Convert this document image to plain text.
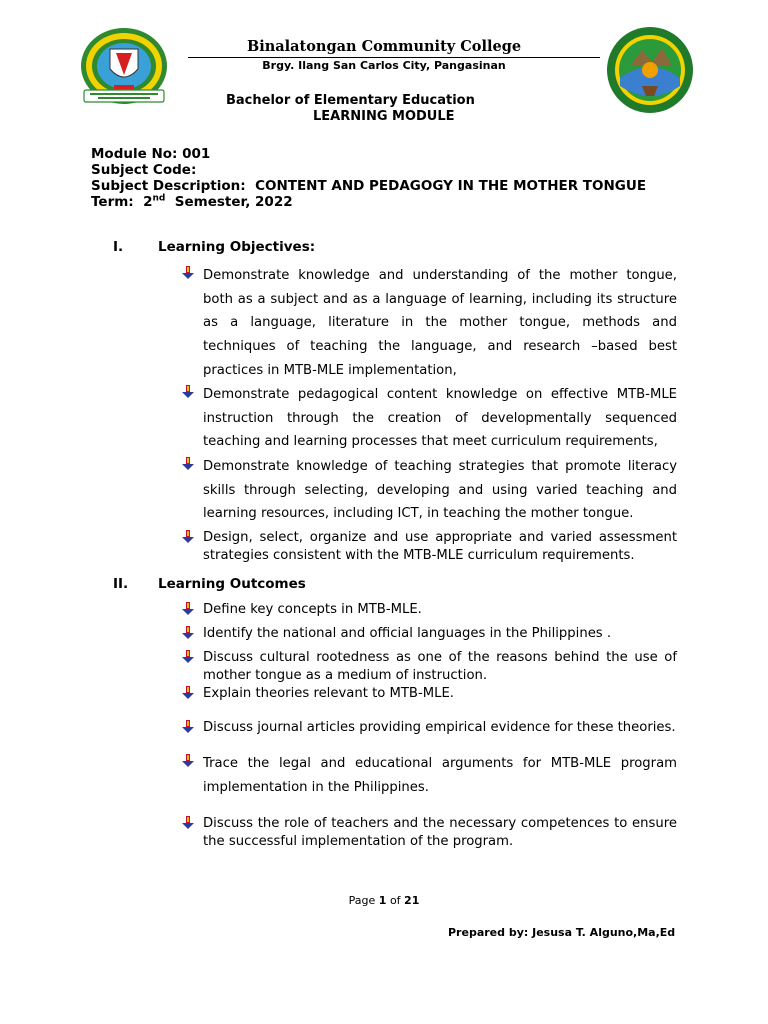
Binalatongan Community College
Brgy. Ilang San Carlos City, Pangasinan
Bachelor of Elementary Education
LEARNING MODULE
Module No: 001
Subject Code:
Subject Description: CONTENT AND PEDAGOGY IN THE MOTHER TONGUE
Term: 2nd Semester, 2022
I.	Learning Objectives:
Demonstrate knowledge and understanding of the mother tongue, both as a subject and as a language of learning, including its structure as a language, literature in the mother tongue, methods and techniques of teaching the language, and research –based best practices in MTB-MLE implementation,
Demonstrate pedagogical content knowledge on effective MTB-MLE instruction through the creation of developmentally sequenced teaching and learning processes that meet curriculum requirements,
Demonstrate knowledge of teaching strategies that promote literacy skills through selecting, developing and using varied teaching and learning resources, including ICT, in teaching the mother tongue.
Design, select, organize and use appropriate and varied assessment strategies consistent with the MTB-MLE curriculum requirements.
II. Learning Outcomes
Define key concepts in MTB-MLE.
Identify the national and official languages in the Philippines .
Discuss cultural rootedness as one of the reasons behind the use of mother tongue as a medium of instruction.
Explain theories relevant to MTB-MLE.
Discuss journal articles providing empirical evidence for these theories.
Trace the legal and educational arguments for MTB-MLE program implementation in the Philippines.
Discuss the role of teachers and the necessary competences to ensure the successful implementation of the program.
Page 1 of 21
Prepared by: Jesusa T. Alguno,Ma,Ed
